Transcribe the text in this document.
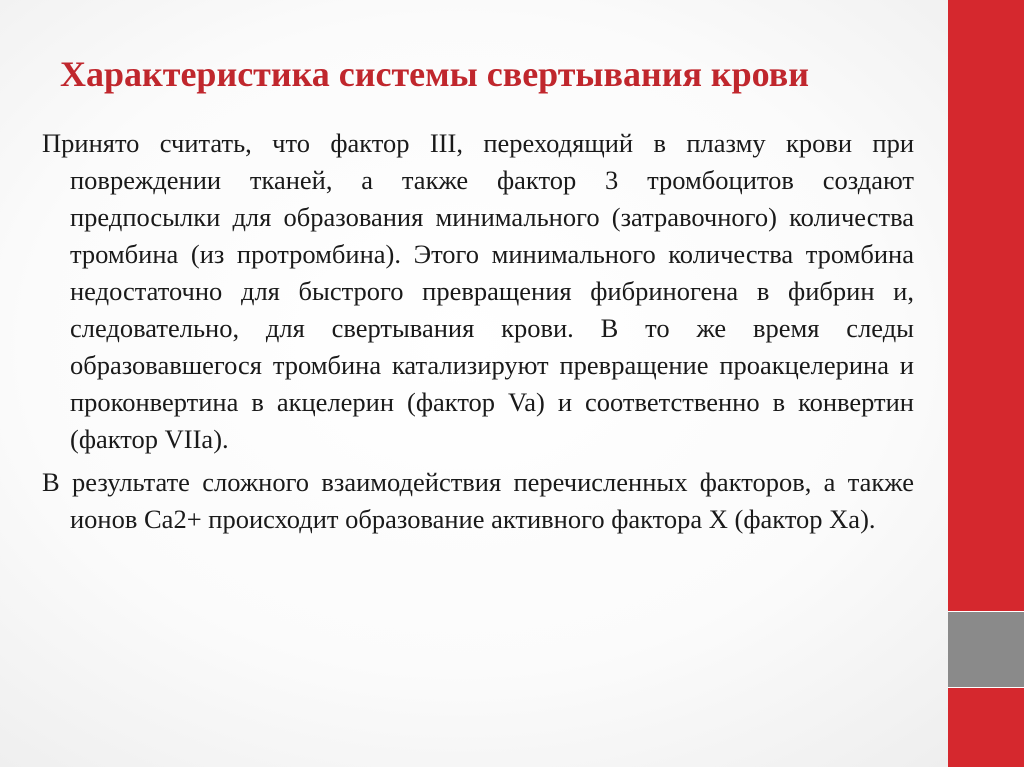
Характеристика системы свертывания крови

Принято считать, что фактор III, переходящий в плазму крови при повреждении тканей, а также фактор 3 тромбоцитов создают предпосылки для образования минимального (затравочного) количества тромбина (из протромбина). Этого минимального количества тромбина недостаточно для быстрого превращения фибриногена в фибрин и, следовательно, для свертывания крови. В то же время следы образовавшегося тромбина катализируют превращение проакцелерина и проконвертина в акцелерин (фактор Va) и соответственно в конвертин (фактор VIIa).

В результате сложного взаимодействия перечисленных факторов, а также ионов Са2+ происходит образование активного фактора X (фактор Xa).
